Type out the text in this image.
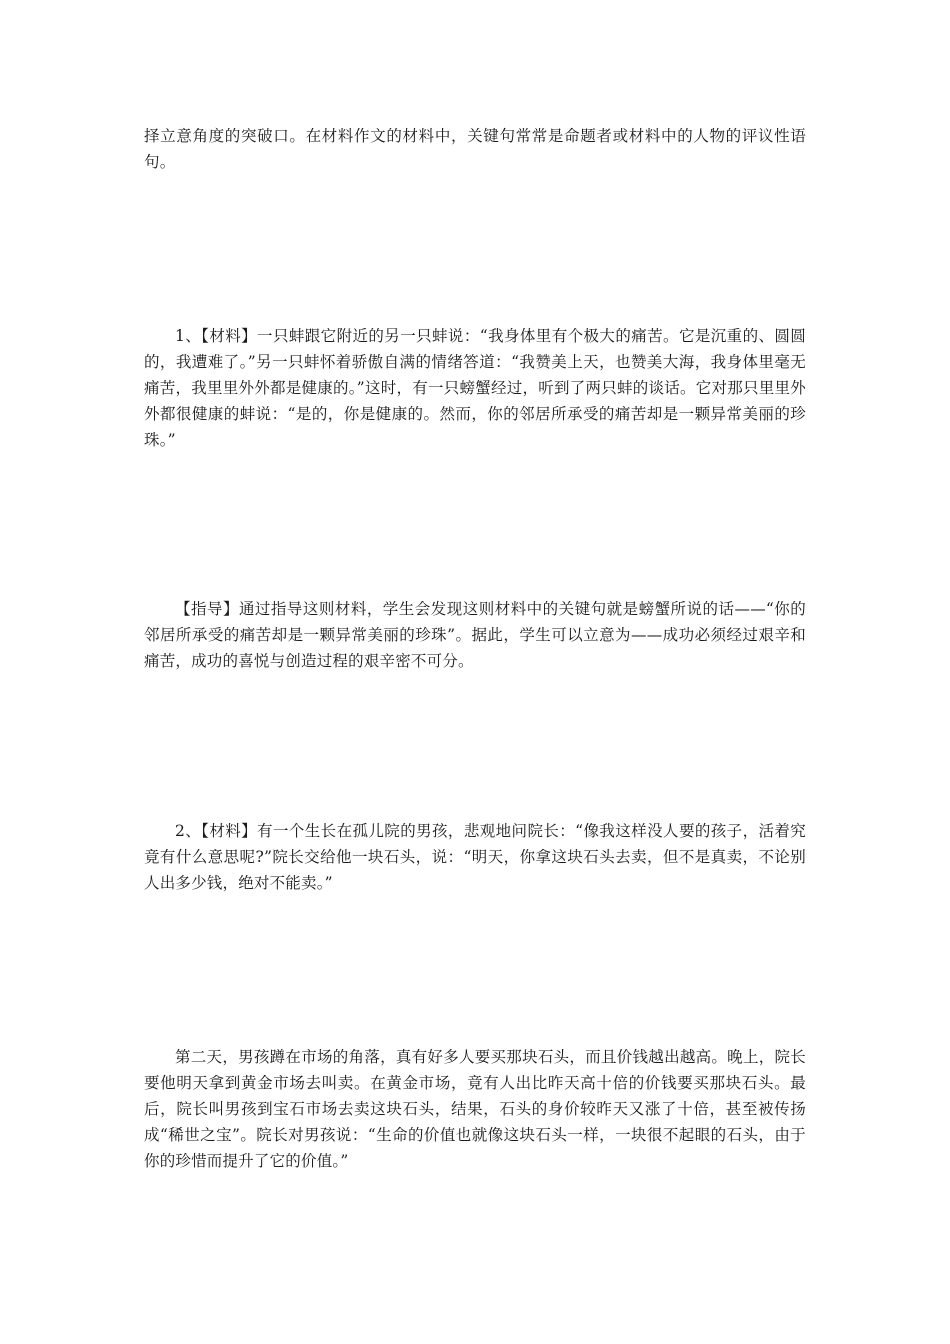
择立意角度的突破口。在材料作文的材料中，关键句常常是命题者或材料中的人物的评议性语句。

1、【材料】一只蚌跟它附近的另一只蚌说：“我身体里有个极大的痛苦。它是沉重的、圆圆的，我遭难了。”另一只蚌怀着骄傲自满的情绪答道：“我赞美上天，也赞美大海，我身体里毫无痛苦，我里里外外都是健康的。”这时，有一只螃蟹经过，听到了两只蚌的谈话。它对那只里里外外都很健康的蚌说：“是的，你是健康的。然而，你的邻居所承受的痛苦却是一颗异常美丽的珍珠。”

【指导】通过指导这则材料，学生会发现这则材料中的关键句就是螃蟹所说的话——“你的邻居所承受的痛苦却是一颗异常美丽的珍珠”。据此，学生可以立意为——成功必须经过艰辛和痛苦，成功的喜悦与创造过程的艰辛密不可分。

2、【材料】有一个生长在孤儿院的男孩，悲观地问院长：“像我这样没人要的孩子，活着究竟有什么意思呢?”院长交给他一块石头，说：“明天，你拿这块石头去卖，但不是真卖，不论别人出多少钱，绝对不能卖。”

第二天，男孩蹲在市场的角落，真有好多人要买那块石头，而且价钱越出越高。晚上，院长要他明天拿到黄金市场去叫卖。在黄金市场，竟有人出比昨天高十倍的价钱要买那块石头。最后，院长叫男孩到宝石市场去卖这块石头，结果，石头的身价较昨天又涨了十倍，甚至被传扬成“稀世之宝”。院长对男孩说：“生命的价值也就像这块石头一样，一块很不起眼的石头，由于你的珍惜而提升了它的价值。”
